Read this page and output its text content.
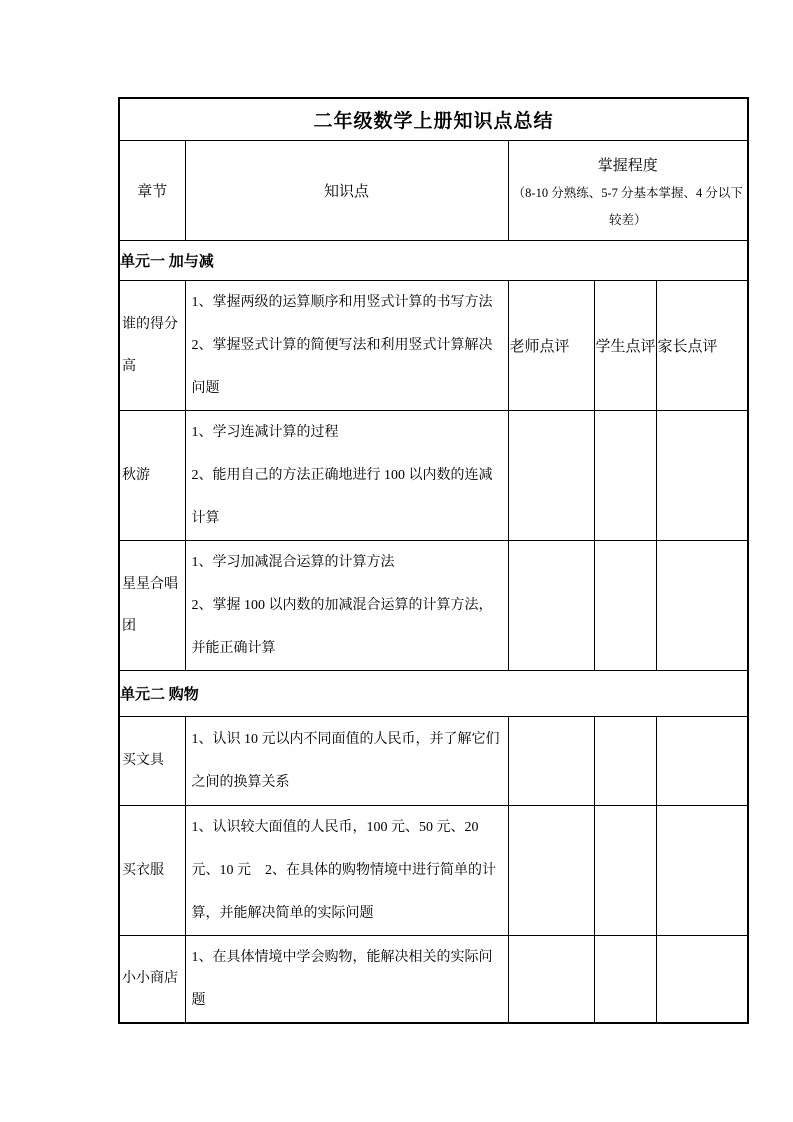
二年级数学上册知识点总结				
章节	知识点	掌握程度
（8-10 分熟练、5-7 分基本掌握、4 分以下较差）		

单元一 加与减				
谁的得分高	1、掌握两级的运算顺序和用竖式计算的书写方法
2、掌握竖式计算的简便写法和利用竖式计算解决问题	老师点评	学生点评	家长点评
秋游	1、学习连减计算的过程
2、能用自己的方法正确地进行 100 以内数的连减计算			

星星合唱团	1、学习加减混合运算的计算方法
2、掌握 100 以内数的加减混合运算的计算方法，并能正确计算			

单元二 购物				
买文具	1、认识 10 元以内不同面值的人民币，并了解它们之间的换算关系			

买衣服	1、认识较大面值的人民币，100 元、50 元、20 元、10 元　2、在具体的购物情境中进行简单的计算，并能解决简单的实际问题			

小小商店	1、在具体情境中学会购物，能解决相关的实际问题			
